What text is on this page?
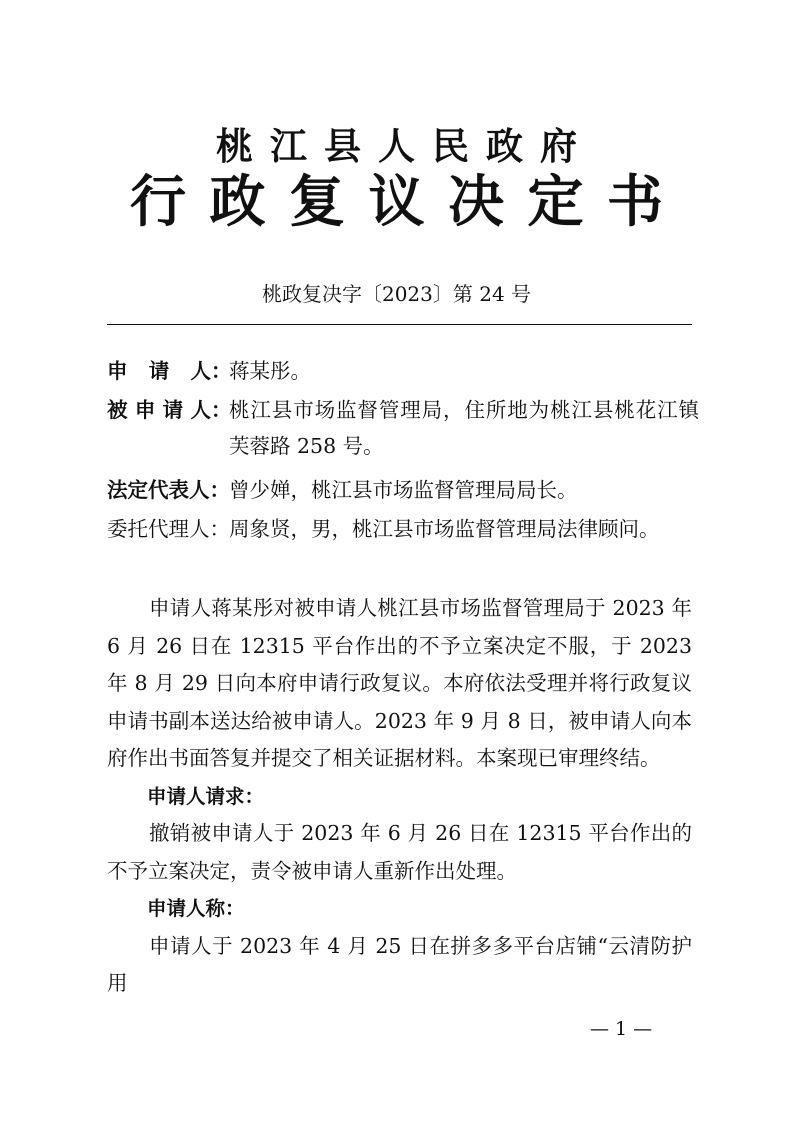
桃江县人民政府
行政复议决定书
桃政复决字〔2023〕第 24 号
申 请 人 ：
蒋某彤。
被 申 请 人 ：
桃江县市场监督管理局，住所地为桃江县桃花江镇芙蓉路 258 号。
法定代表人： 曾少婵，桃江县市场监督管理局局长。
委托代理人： 周象贤，男，桃江县市场监督管理局法律顾问。

申请人蒋某彤对被申请人桃江县市场监督管理局于 2023 年 6 月 26 日在 12315 平台作出的不予立案决定不服，于 2023 年 8 月 29 日向本府申请行政复议。本府依法受理并将行政复议申请书副本送达给被申请人。2023 年 9 月 8 日，被申请人向本府作出书面答复并提交了相关证据材料。本案现已审理终结。

申请人请求：

撤销被申请人于 2023 年 6 月 26 日在 12315 平台作出的不予立案决定，责令被申请人重新作出处理。

申请人称：

申请人于 2023 年 4 月 25 日在拼多多平台店铺“云清防护用

— 1 —
